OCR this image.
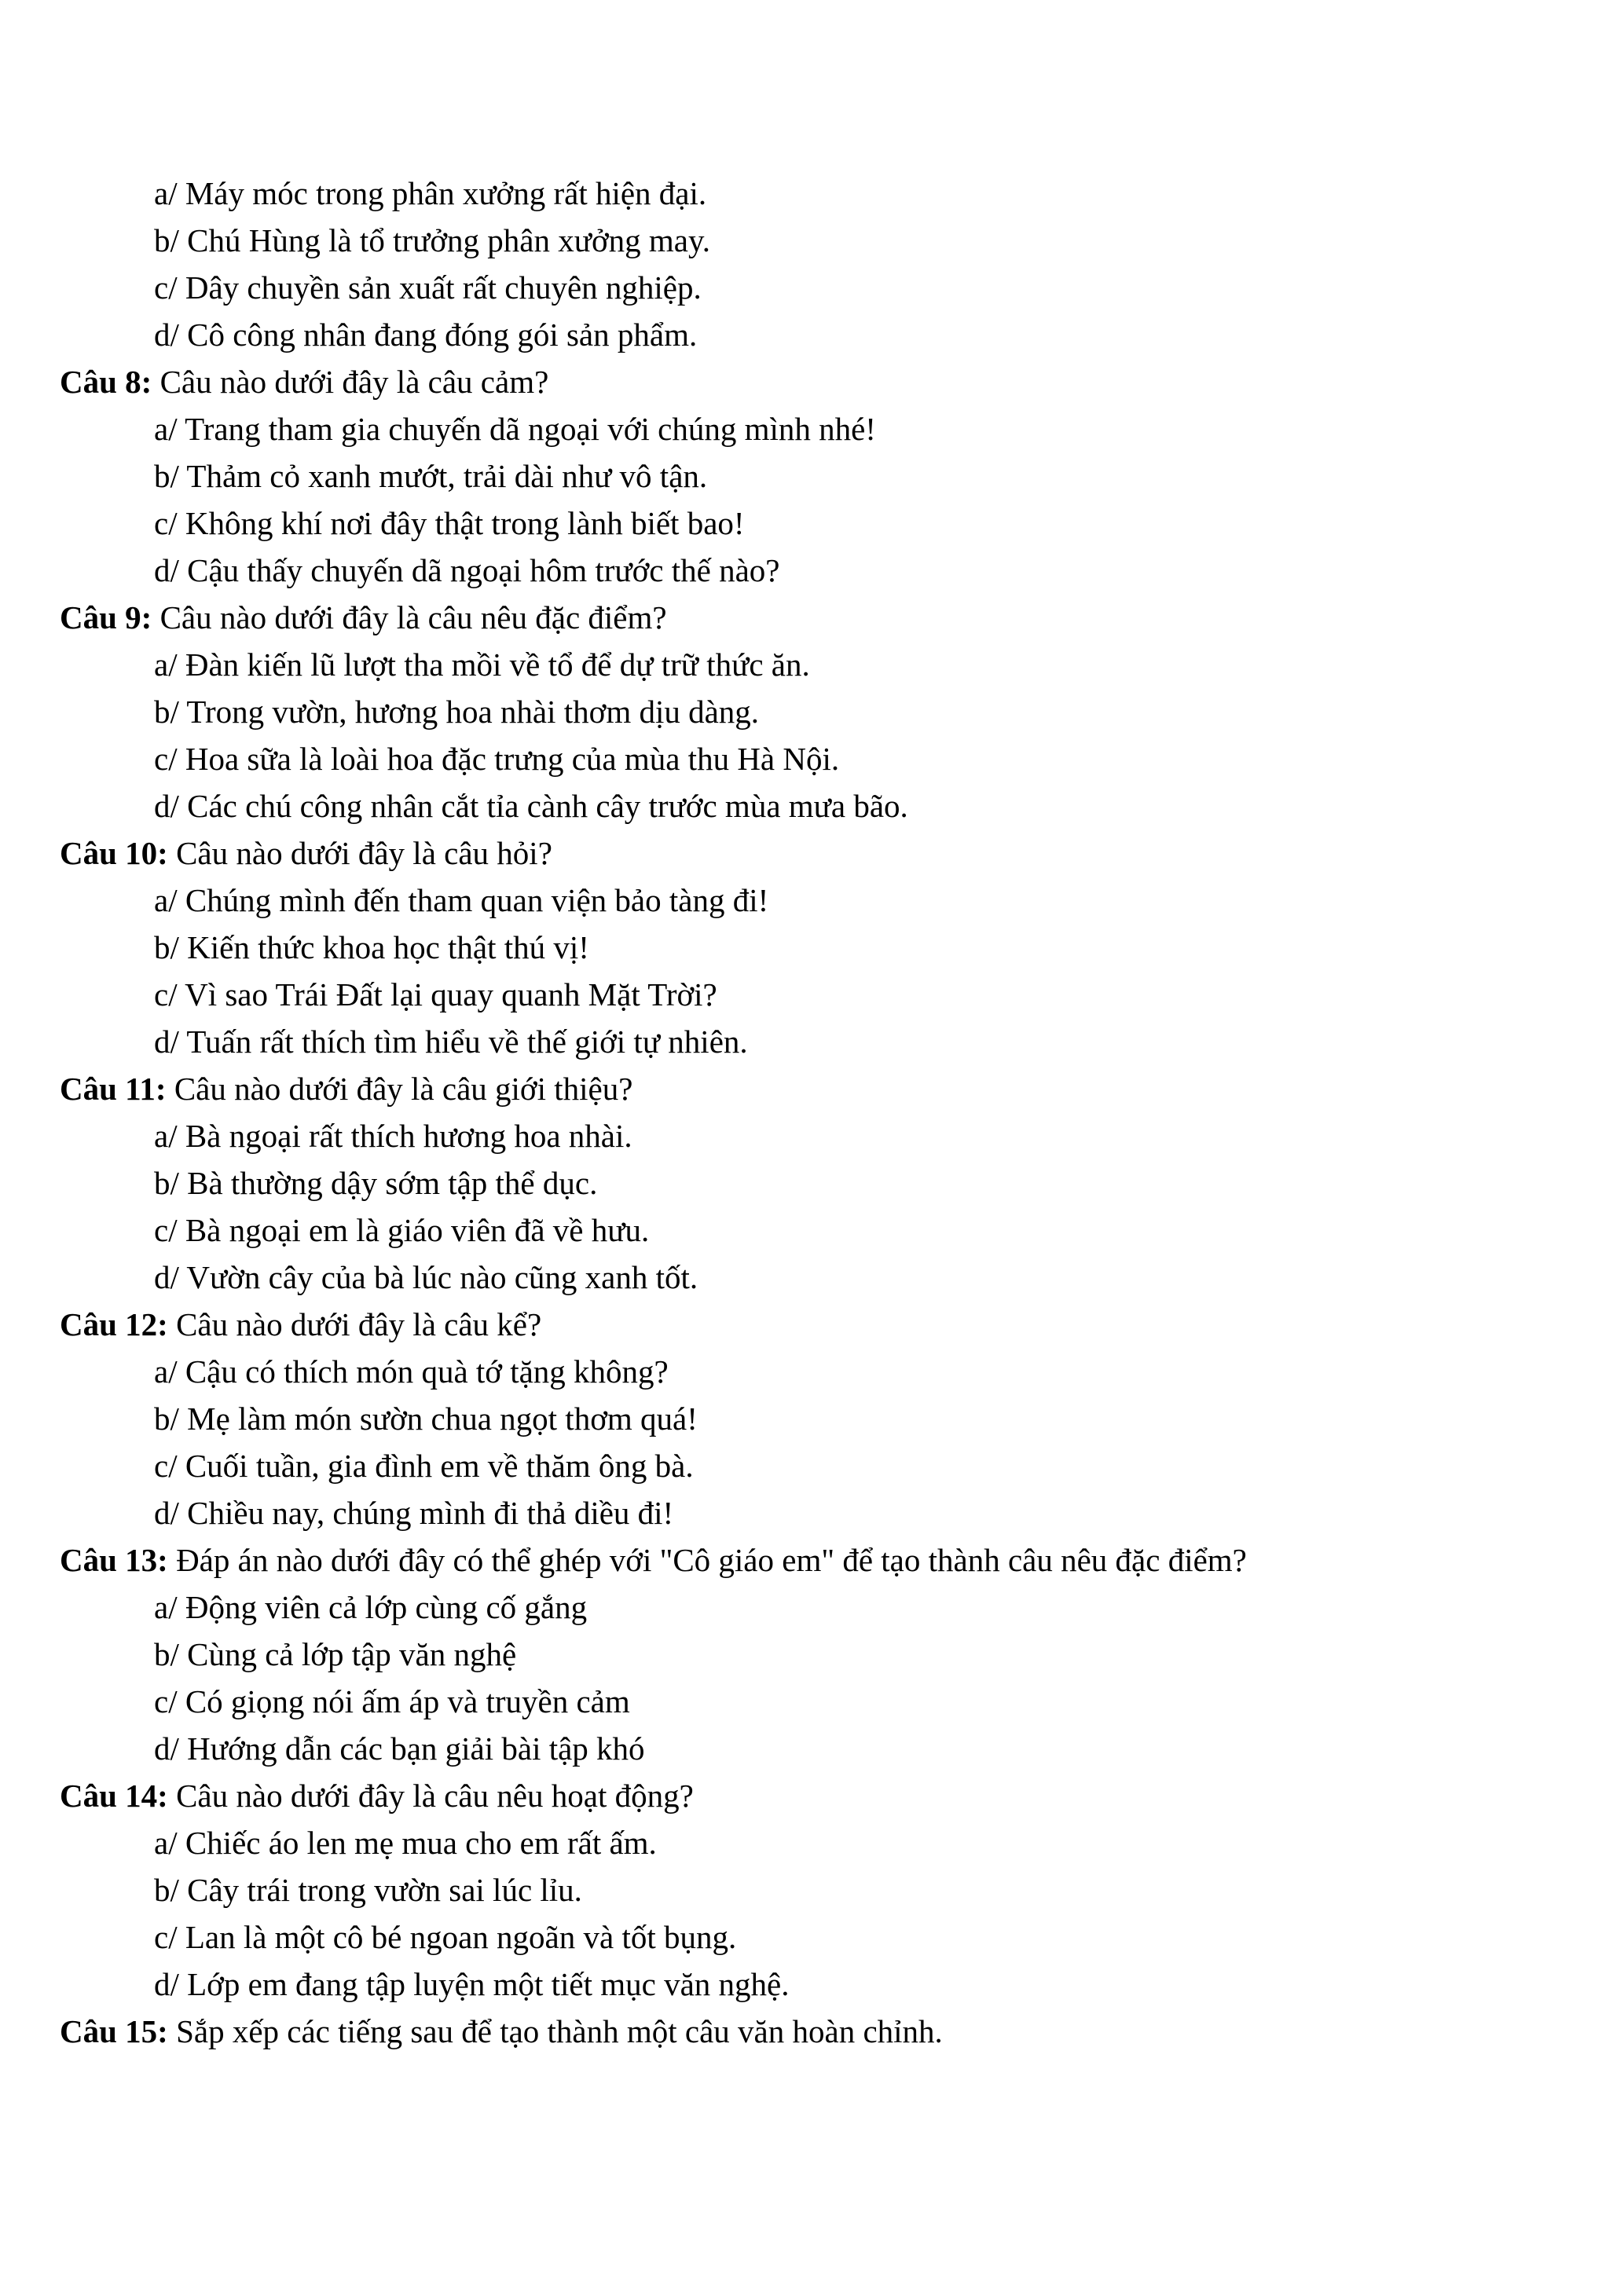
a/ Máy móc trong phân xưởng rất hiện đại.
b/ Chú Hùng là tổ trưởng phân xưởng may.
c/ Dây chuyền sản xuất rất chuyên nghiệp.
d/ Cô công nhân đang đóng gói sản phẩm.
Câu 8: Câu nào dưới đây là câu cảm?
a/ Trang tham gia chuyến dã ngoại với chúng mình nhé!
b/ Thảm cỏ xanh mướt, trải dài như vô tận.
c/ Không khí nơi đây thật trong lành biết bao!
d/ Cậu thấy chuyến dã ngoại hôm trước thế nào?
Câu 9: Câu nào dưới đây là câu nêu đặc điểm?
a/ Đàn kiến lũ lượt tha mồi về tổ để dự trữ thức ăn.
b/ Trong vườn, hương hoa nhài thơm dịu dàng.
c/ Hoa sữa là loài hoa đặc trưng của mùa thu Hà Nội.
d/ Các chú công nhân cắt tỉa cành cây trước mùa mưa bão.
Câu 10: Câu nào dưới đây là câu hỏi?
a/ Chúng mình đến tham quan viện bảo tàng đi!
b/ Kiến thức khoa học thật thú vị!
c/ Vì sao Trái Đất lại quay quanh Mặt Trời?
d/ Tuấn rất thích tìm hiểu về thế giới tự nhiên.
Câu 11: Câu nào dưới đây là câu giới thiệu?
a/ Bà ngoại rất thích hương hoa nhài.
b/ Bà thường dậy sớm tập thể dục.
c/ Bà ngoại em là giáo viên đã về hưu.
d/ Vườn cây của bà lúc nào cũng xanh tốt.
Câu 12: Câu nào dưới đây là câu kể?
a/ Cậu có thích món quà tớ tặng không?
b/ Mẹ làm món sườn chua ngọt thơm quá!
c/ Cuối tuần, gia đình em về thăm ông bà.
d/ Chiều nay, chúng mình đi thả diều đi!
Câu 13: Đáp án nào dưới đây có thể ghép với "Cô giáo em" để tạo thành câu nêu đặc điểm?
a/ Động viên cả lớp cùng cố gắng
b/ Cùng cả lớp tập văn nghệ
c/ Có giọng nói ấm áp và truyền cảm
d/ Hướng dẫn các bạn giải bài tập khó
Câu 14: Câu nào dưới đây là câu nêu hoạt động?
a/ Chiếc áo len mẹ mua cho em rất ấm.
b/ Cây trái trong vườn sai lúc lỉu.
c/ Lan là một cô bé ngoan ngoãn và tốt bụng.
d/ Lớp em đang tập luyện một tiết mục văn nghệ.
Câu 15: Sắp xếp các tiếng sau để tạo thành một câu văn hoàn chỉnh.
